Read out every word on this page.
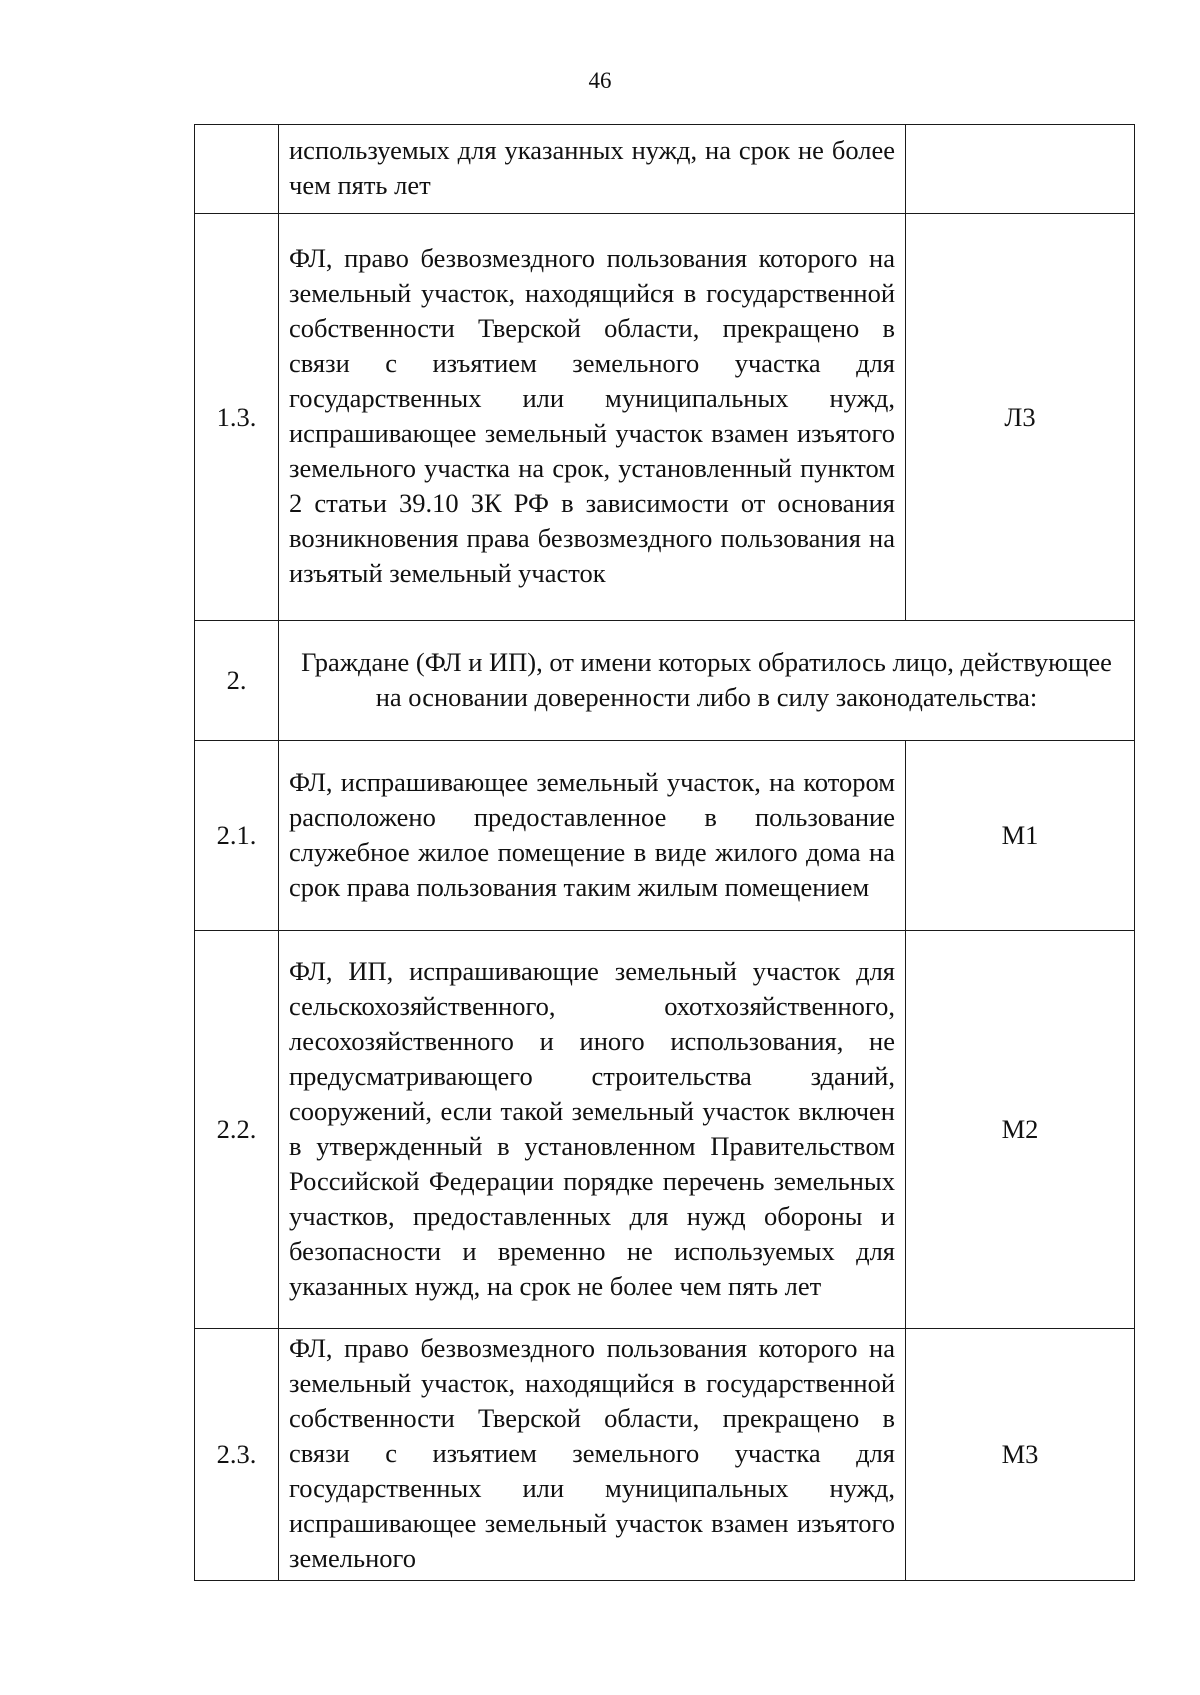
46
	используемых для указанных нужд, на срок не более чем пять лет	
1.3.	ФЛ, право безвозмездного пользования которого на земельный участок, находящийся в государственной собственности Тверской области, прекращено в связи с изъятием земельного участка для государственных или муниципальных нужд, испрашивающее земельный участок взамен изъятого земельного участка на срок, установленный пунктом 2 статьи 39.10 ЗК РФ в зависимости от основания возникновения права безвозмездного пользования на изъятый земельный участок	Л3
2.	Граждане (ФЛ и ИП), от имени которых обратилось лицо, действующее на основании доверенности либо в силу законодательства:	
2.1.	ФЛ, испрашивающее земельный участок, на котором расположено предоставленное в пользование служебное жилое помещение в виде жилого дома на срок права пользования таким жилым помещением	М1
2.2.	ФЛ, ИП, испрашивающие земельный участок для сельскохозяйственного, охотхозяйственного, лесохозяйственного и иного использования, не предусматривающего строительства зданий, сооружений, если такой земельный участок включен в утвержденный в установленном Правительством Российской Федерации порядке перечень земельных участков, предоставленных для нужд обороны и безопасности и временно не используемых для указанных нужд, на срок не более чем пять лет	М2
2.3.	ФЛ, право безвозмездного пользования которого на земельный участок, находящийся в государственной собственности Тверской области, прекращено в связи с изъятием земельного участка для государственных или муниципальных нужд, испрашивающее земельный участок взамен изъятого земельного	М3
